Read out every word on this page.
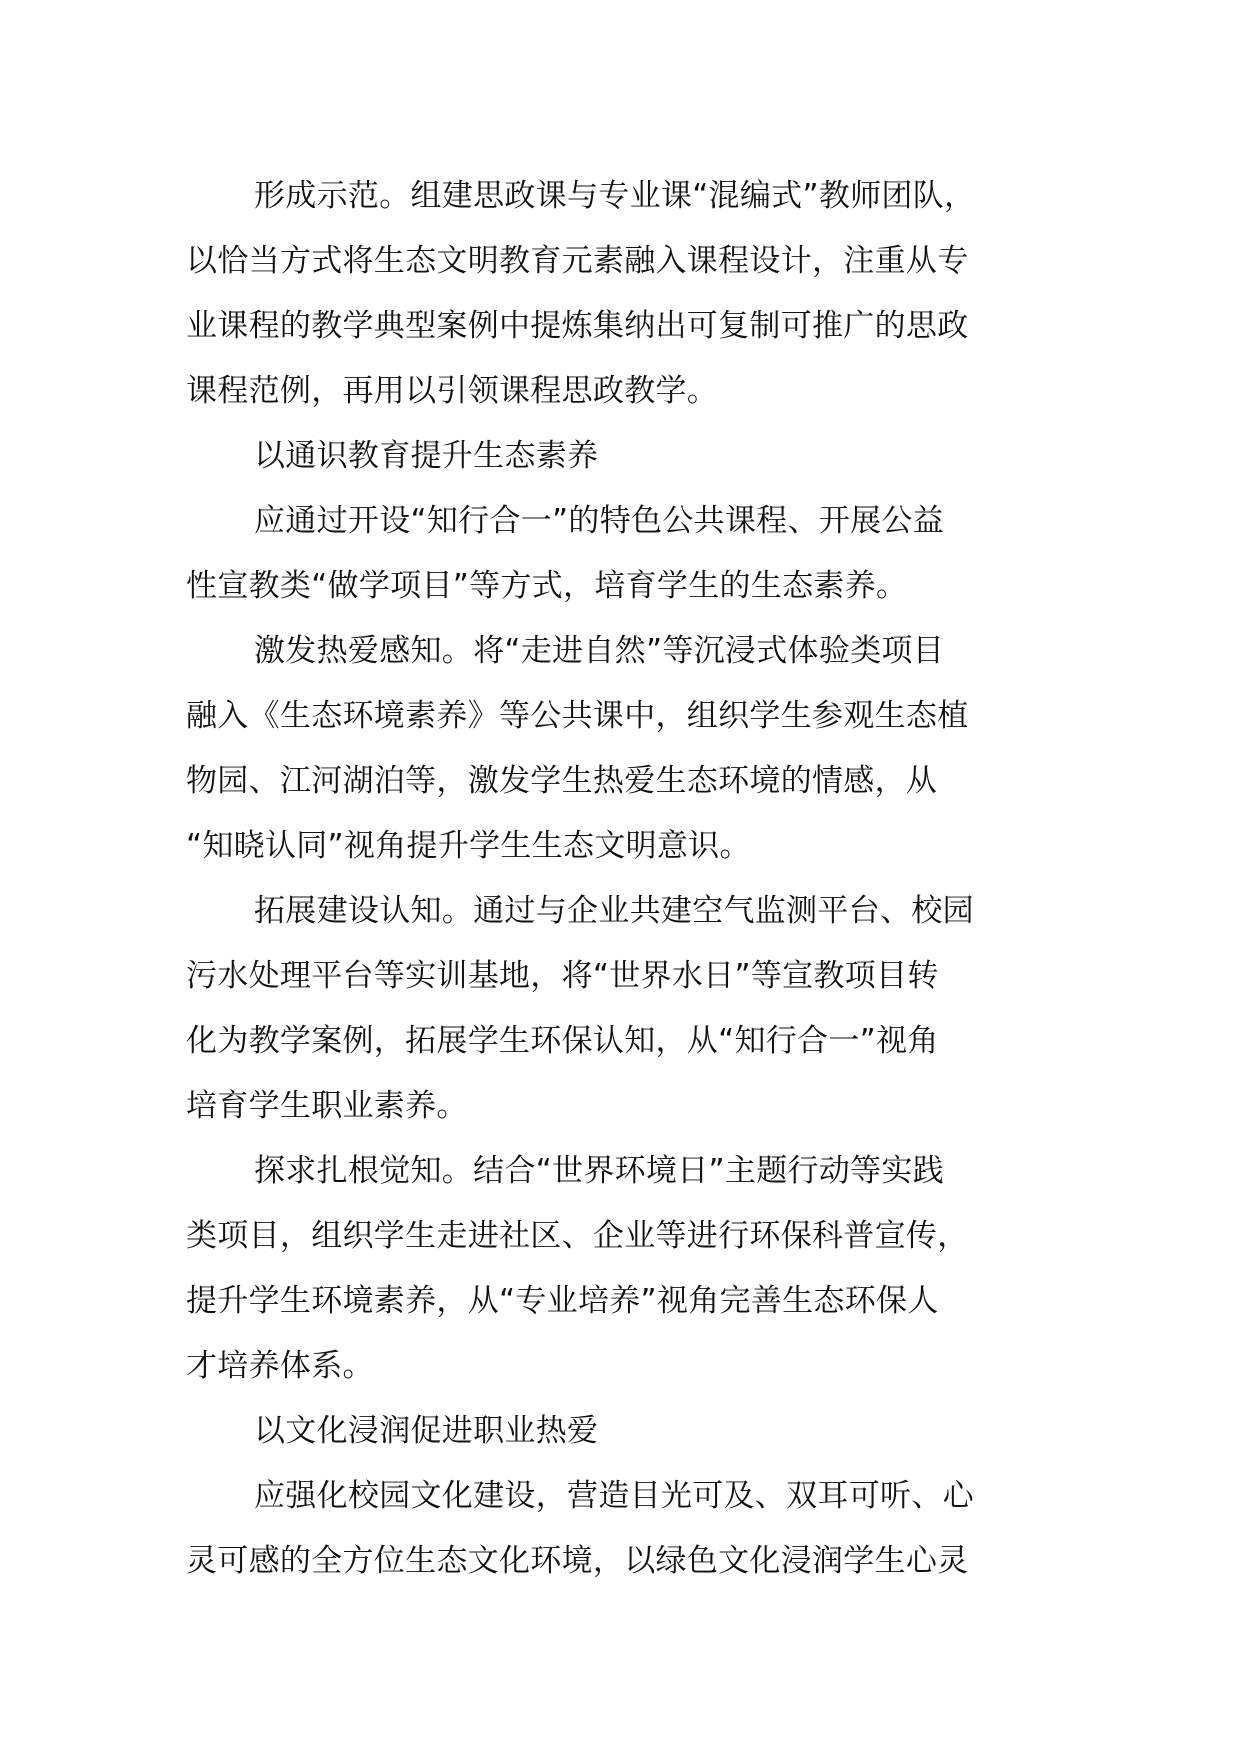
形成示范。组建思政课与专业课“混编式”教师团队，
以恰当方式将生态文明教育元素融入课程设计，注重从专
业课程的教学典型案例中提炼集纳出可复制可推广的思政
课程范例，再用以引领课程思政教学。
以通识教育提升生态素养
应通过开设“知行合一”的特色公共课程、开展公益
性宣教类“做学项目”等方式，培育学生的生态素养。
激发热爱感知。将“走进自然”等沉浸式体验类项目
融入《生态环境素养》等公共课中，组织学生参观生态植
物园、江河湖泊等，激发学生热爱生态环境的情感，从
“知晓认同”视角提升学生生态文明意识。
拓展建设认知。通过与企业共建空气监测平台、校园
污水处理平台等实训基地，将“世界水日”等宣教项目转
化为教学案例，拓展学生环保认知，从“知行合一”视角
培育学生职业素养。
探求扎根觉知。结合“世界环境日”主题行动等实践
类项目，组织学生走进社区、企业等进行环保科普宣传，
提升学生环境素养，从“专业培养”视角完善生态环保人
才培养体系。
以文化浸润促进职业热爱
应强化校园文化建设，营造目光可及、双耳可听、心
灵可感的全方位生态文化环境，以绿色文化浸润学生心灵
